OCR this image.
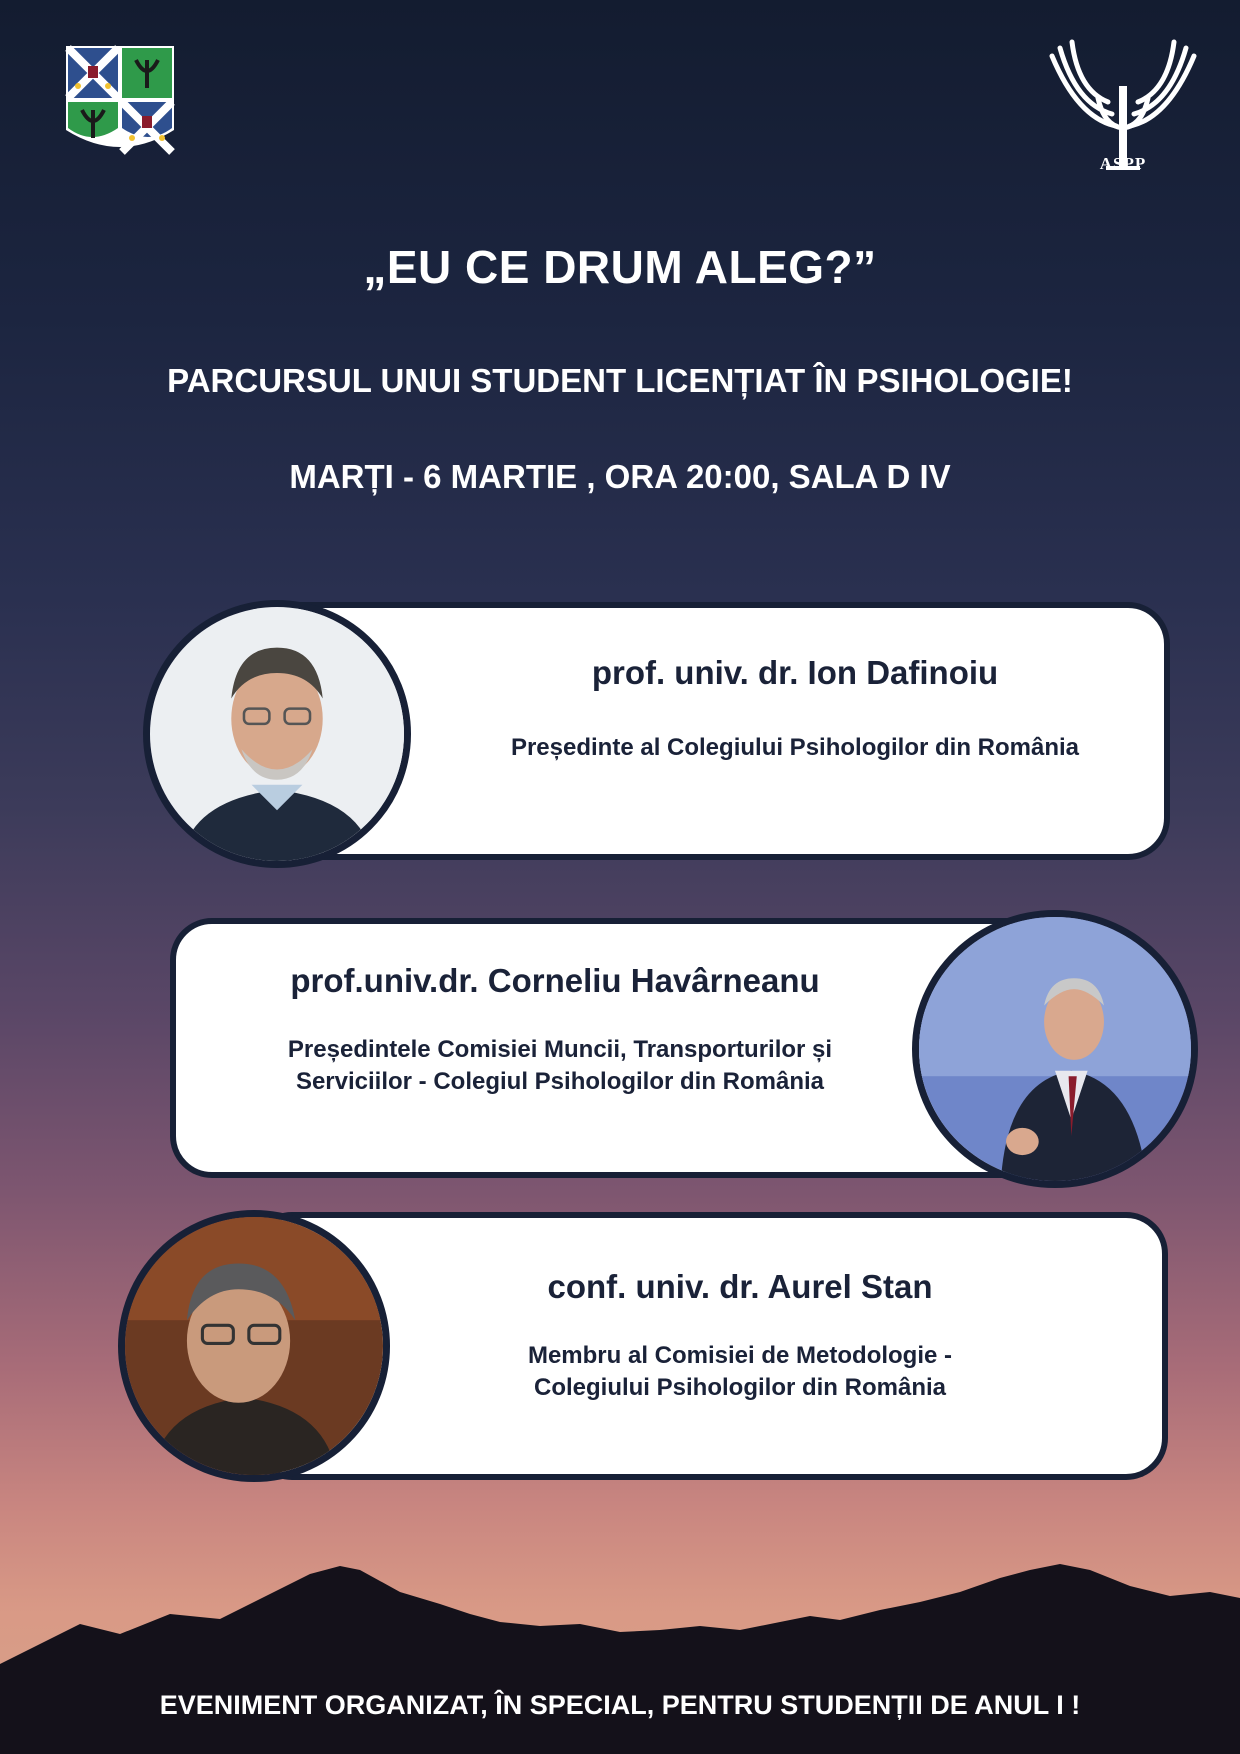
ASPP
„EU CE DRUM ALEG?”
PARCURSUL UNUI STUDENT LICENȚIAT ÎN PSIHOLOGIE!
MARȚI - 6 MARTIE , ORA 20:00, SALA D IV
prof. univ. dr. Ion Dafinoiu
Președinte al Colegiului Psihologilor din România
prof.univ.dr. Corneliu Havârneanu
Președintele Comisiei Muncii, Transporturilor și
Serviciilor - Colegiul Psihologilor din România
conf. univ. dr. Aurel Stan
Membru al Comisiei de Metodologie -
Colegiului Psihologilor din România
EVENIMENT ORGANIZAT, ÎN SPECIAL, PENTRU STUDENȚII DE ANUL I !
